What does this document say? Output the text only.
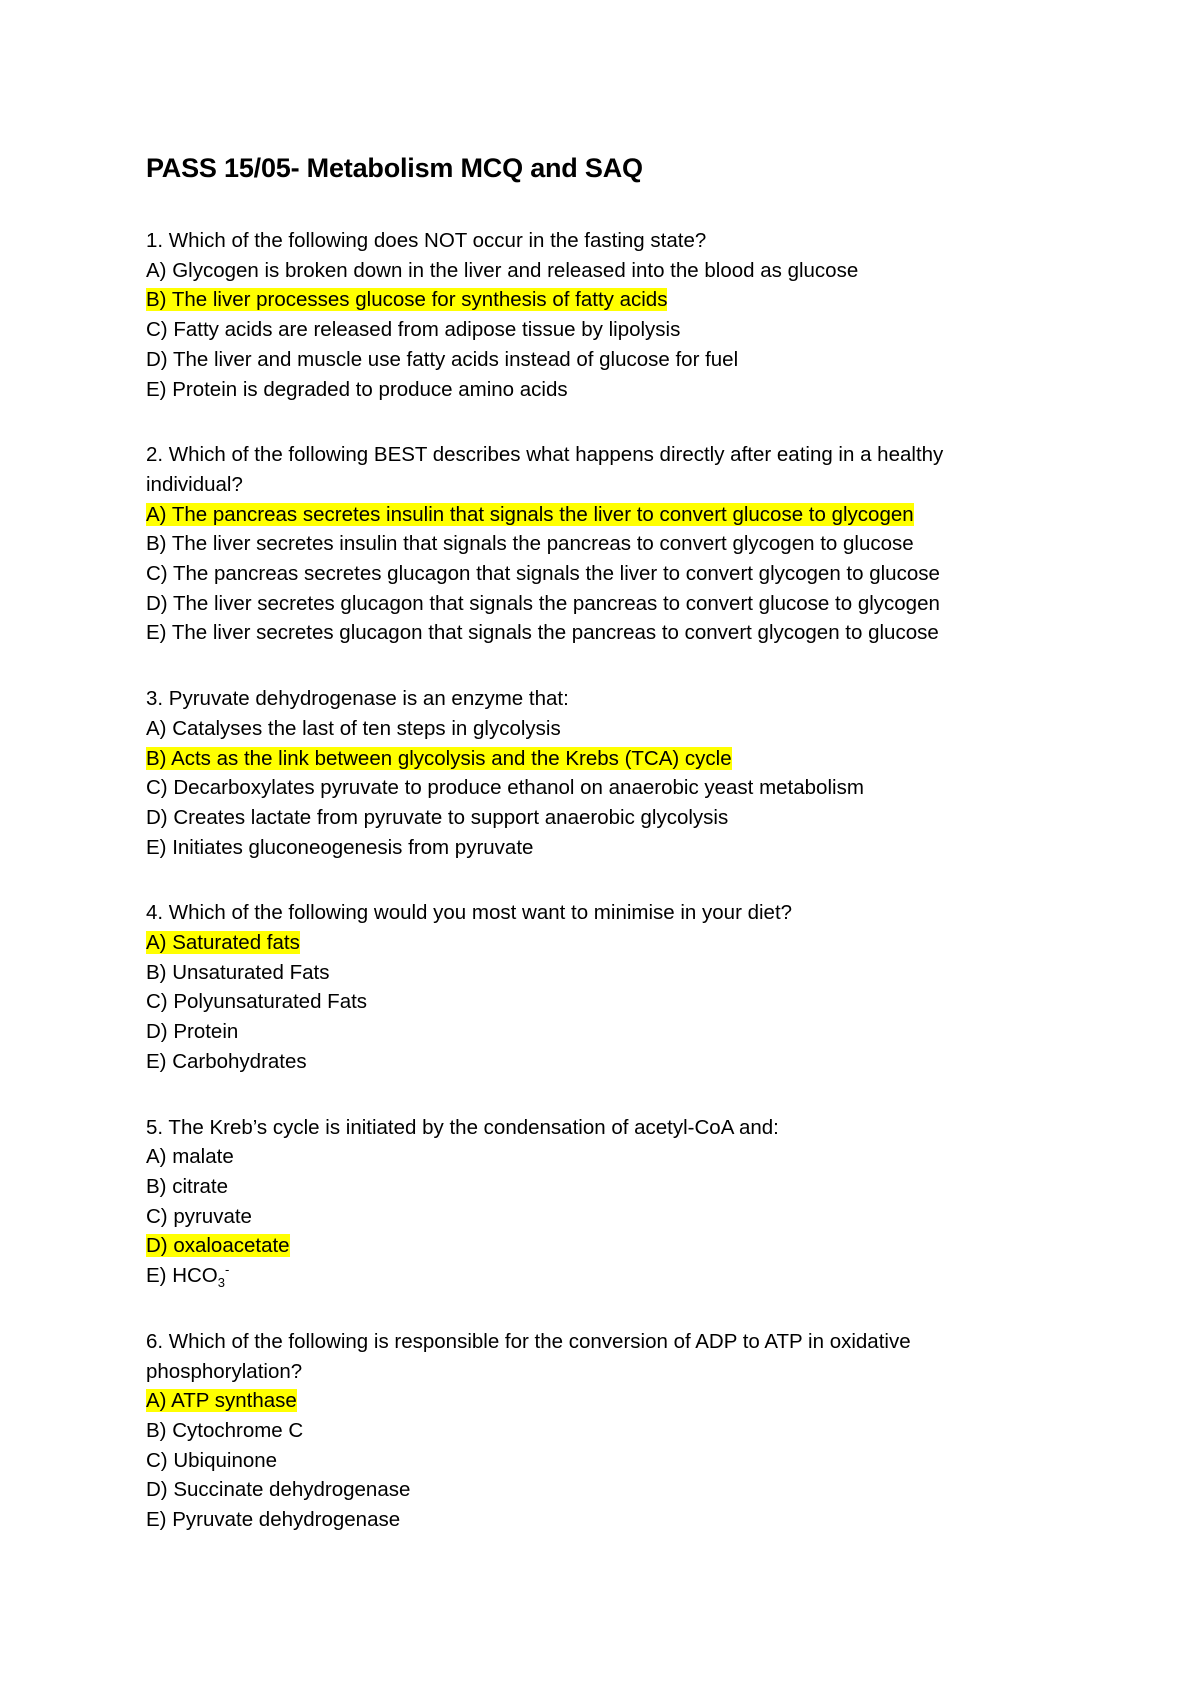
PASS 15/05- Metabolism MCQ and SAQ

1. Which of the following does NOT occur in the fasting state?

A) Glycogen is broken down in the liver and released into the blood as glucose

B) The liver processes glucose for synthesis of fatty acids

C) Fatty acids are released from adipose tissue by lipolysis

D) The liver and muscle use fatty acids instead of glucose for fuel

E) Protein is degraded to produce amino acids

2. Which of the following BEST describes what happens directly after eating in a healthy individual?

A) The pancreas secretes insulin that signals the liver to convert glucose to glycogen

B) The liver secretes insulin that signals the pancreas to convert glycogen to glucose

C) The pancreas secretes glucagon that signals the liver to convert glycogen to glucose

D) The liver secretes glucagon that signals the pancreas to convert glucose to glycogen

E) The liver secretes glucagon that signals the pancreas to convert glycogen to glucose

3. Pyruvate dehydrogenase is an enzyme that:

A) Catalyses the last of ten steps in glycolysis

B) Acts as the link between glycolysis and the Krebs (TCA) cycle

C) Decarboxylates pyruvate to produce ethanol on anaerobic yeast metabolism

D) Creates lactate from pyruvate to support anaerobic glycolysis

E) Initiates gluconeogenesis from pyruvate

4. Which of the following would you most want to minimise in your diet?

A) Saturated fats

B) Unsaturated Fats

C) Polyunsaturated Fats

D) Protein

E) Carbohydrates

5. The Kreb’s cycle is initiated by the condensation of acetyl-CoA and:

A) malate

B) citrate

C) pyruvate

D) oxaloacetate

E) $HCO_3^-$

6. Which of the following is responsible for the conversion of ADP to ATP in oxidative phosphorylation?

A) ATP synthase

B) Cytochrome C

C) Ubiquinone

D) Succinate dehydrogenase

E) Pyruvate dehydrogenase
